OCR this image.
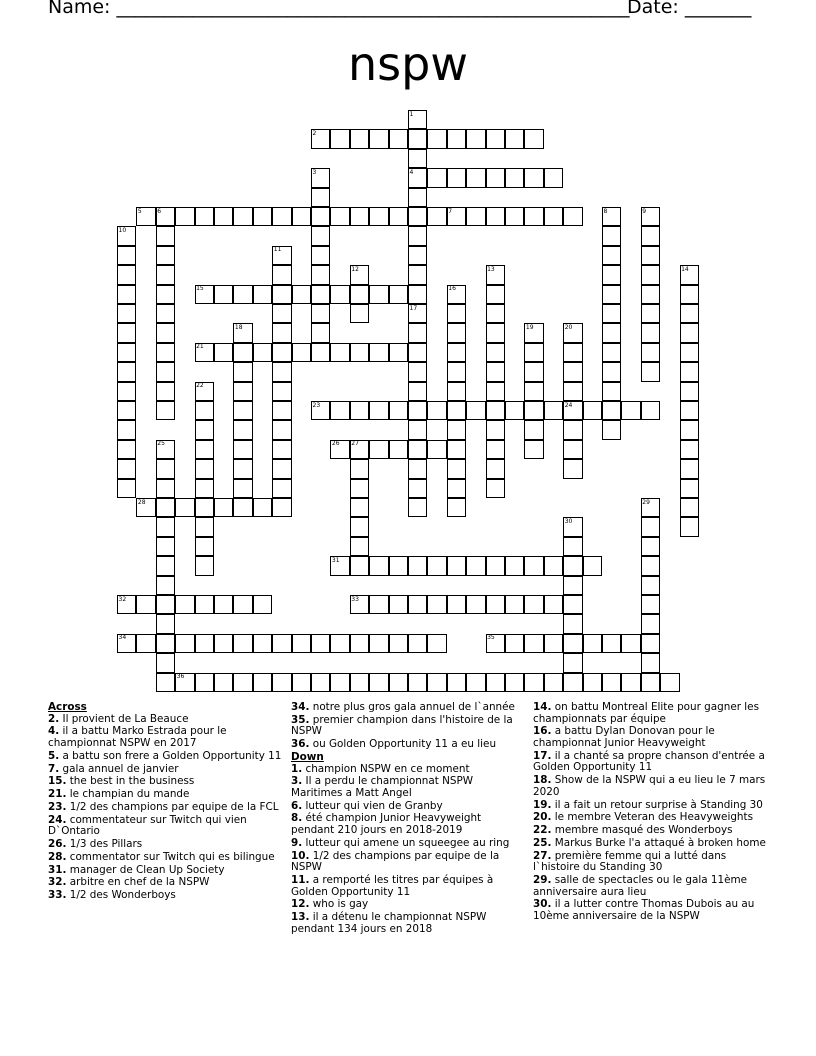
Name: ______________________________________________________
Date: _______
nspw
1
2
3	4
5	6	7	8	9
10
11
12	13	14
15	16
17
18	19	20
21
22
23	24
25	26 27
28	29
30
31
32	33
34	35
36
Across
2. Il provient de La Beauce
4. il a battu Marko Estrada pour le championnat NSPW en 2017
5. a battu son frere a Golden Opportunity 11
7. gala annuel de janvier
15. the best in the business
21. le champian du mande
23. 1/2 des champions par equipe de la FCL
24. commentateur sur Twitch qui vien D`Ontario
26. 1/3 des Pillars
28. commentator sur Twitch qui es bilingue
31. manager de Clean Up Society
32. arbitre en chef de la NSPW
33. 1/2 des Wonderboys
34. notre plus gros gala annuel de l`année
35. premier champion dans l'histoire de la NSPW
36. ou Golden Opportunity 11 a eu lieu
Down
1. champion NSPW en ce moment
3. Il a perdu le championnat NSPW Maritimes a Matt Angel
6. lutteur qui vien de Granby
8. été champion Junior Heavyweight pendant 210 jours en 2018-2019
9. lutteur qui amene un squeegee au ring
10. 1/2 des champions par equipe de la NSPW
11. a remporté les titres par équipes à Golden Opportunity 11
12. who is gay
13. il a détenu le championnat NSPW pendant 134 jours en 2018
14. on battu Montreal Elite pour gagner les championnats par équipe
16. a battu Dylan Donovan pour le championnat Junior Heavyweight
17. il a chanté sa propre chanson d'entrée a Golden Opportunity 11
18. Show de la NSPW qui a eu lieu le 7 mars 2020
19. il a fait un retour surprise à Standing 30
20. le membre Veteran des Heavyweights
22. membre masqué des Wonderboys
25. Markus Burke l'a attaqué à broken home
27. première femme qui a lutté dans l`histoire du Standing 30
29. salle de spectacles ou le gala 11ème anniversaire aura lieu
30. il a lutter contre Thomas Dubois au au 10ème anniversaire de la NSPW
